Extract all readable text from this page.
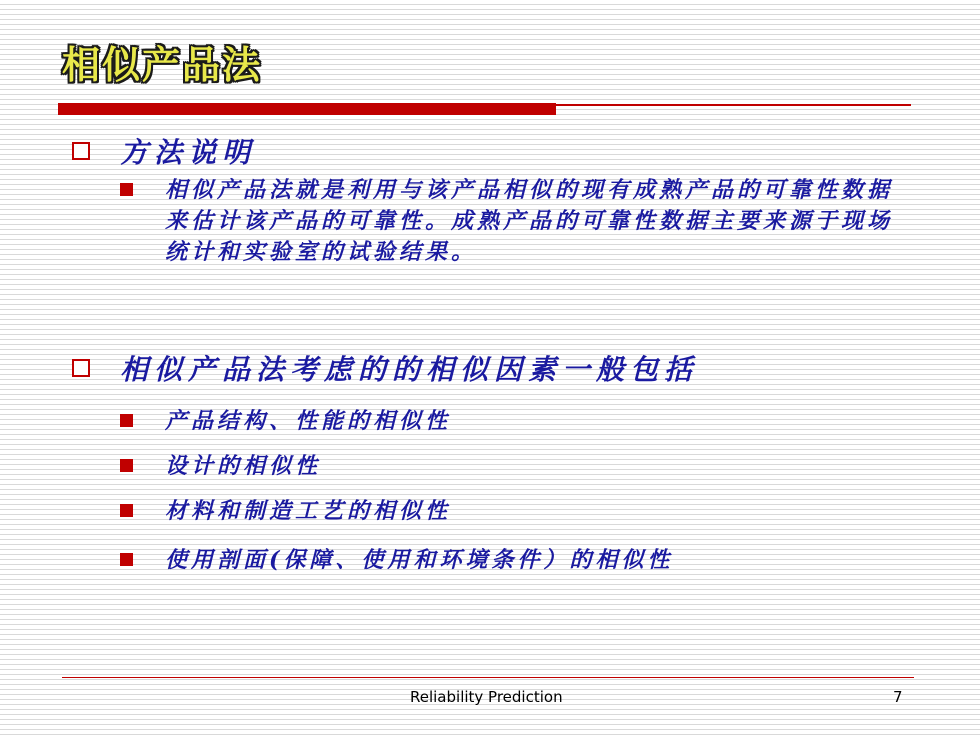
相似产品法
方法说明
相似产品法就是利用与该产品相似的现有成熟产品的可靠性数据来估计该产品的可靠性。成熟产品的可靠性数据主要来源于现场统计和实验室的试验结果。
相似产品法考虑的的相似因素一般包括
产品结构、性能的相似性
设计的相似性
材料和制造工艺的相似性
使用剖面(保障、使用和环境条件）的相似性
Reliability Prediction	7
